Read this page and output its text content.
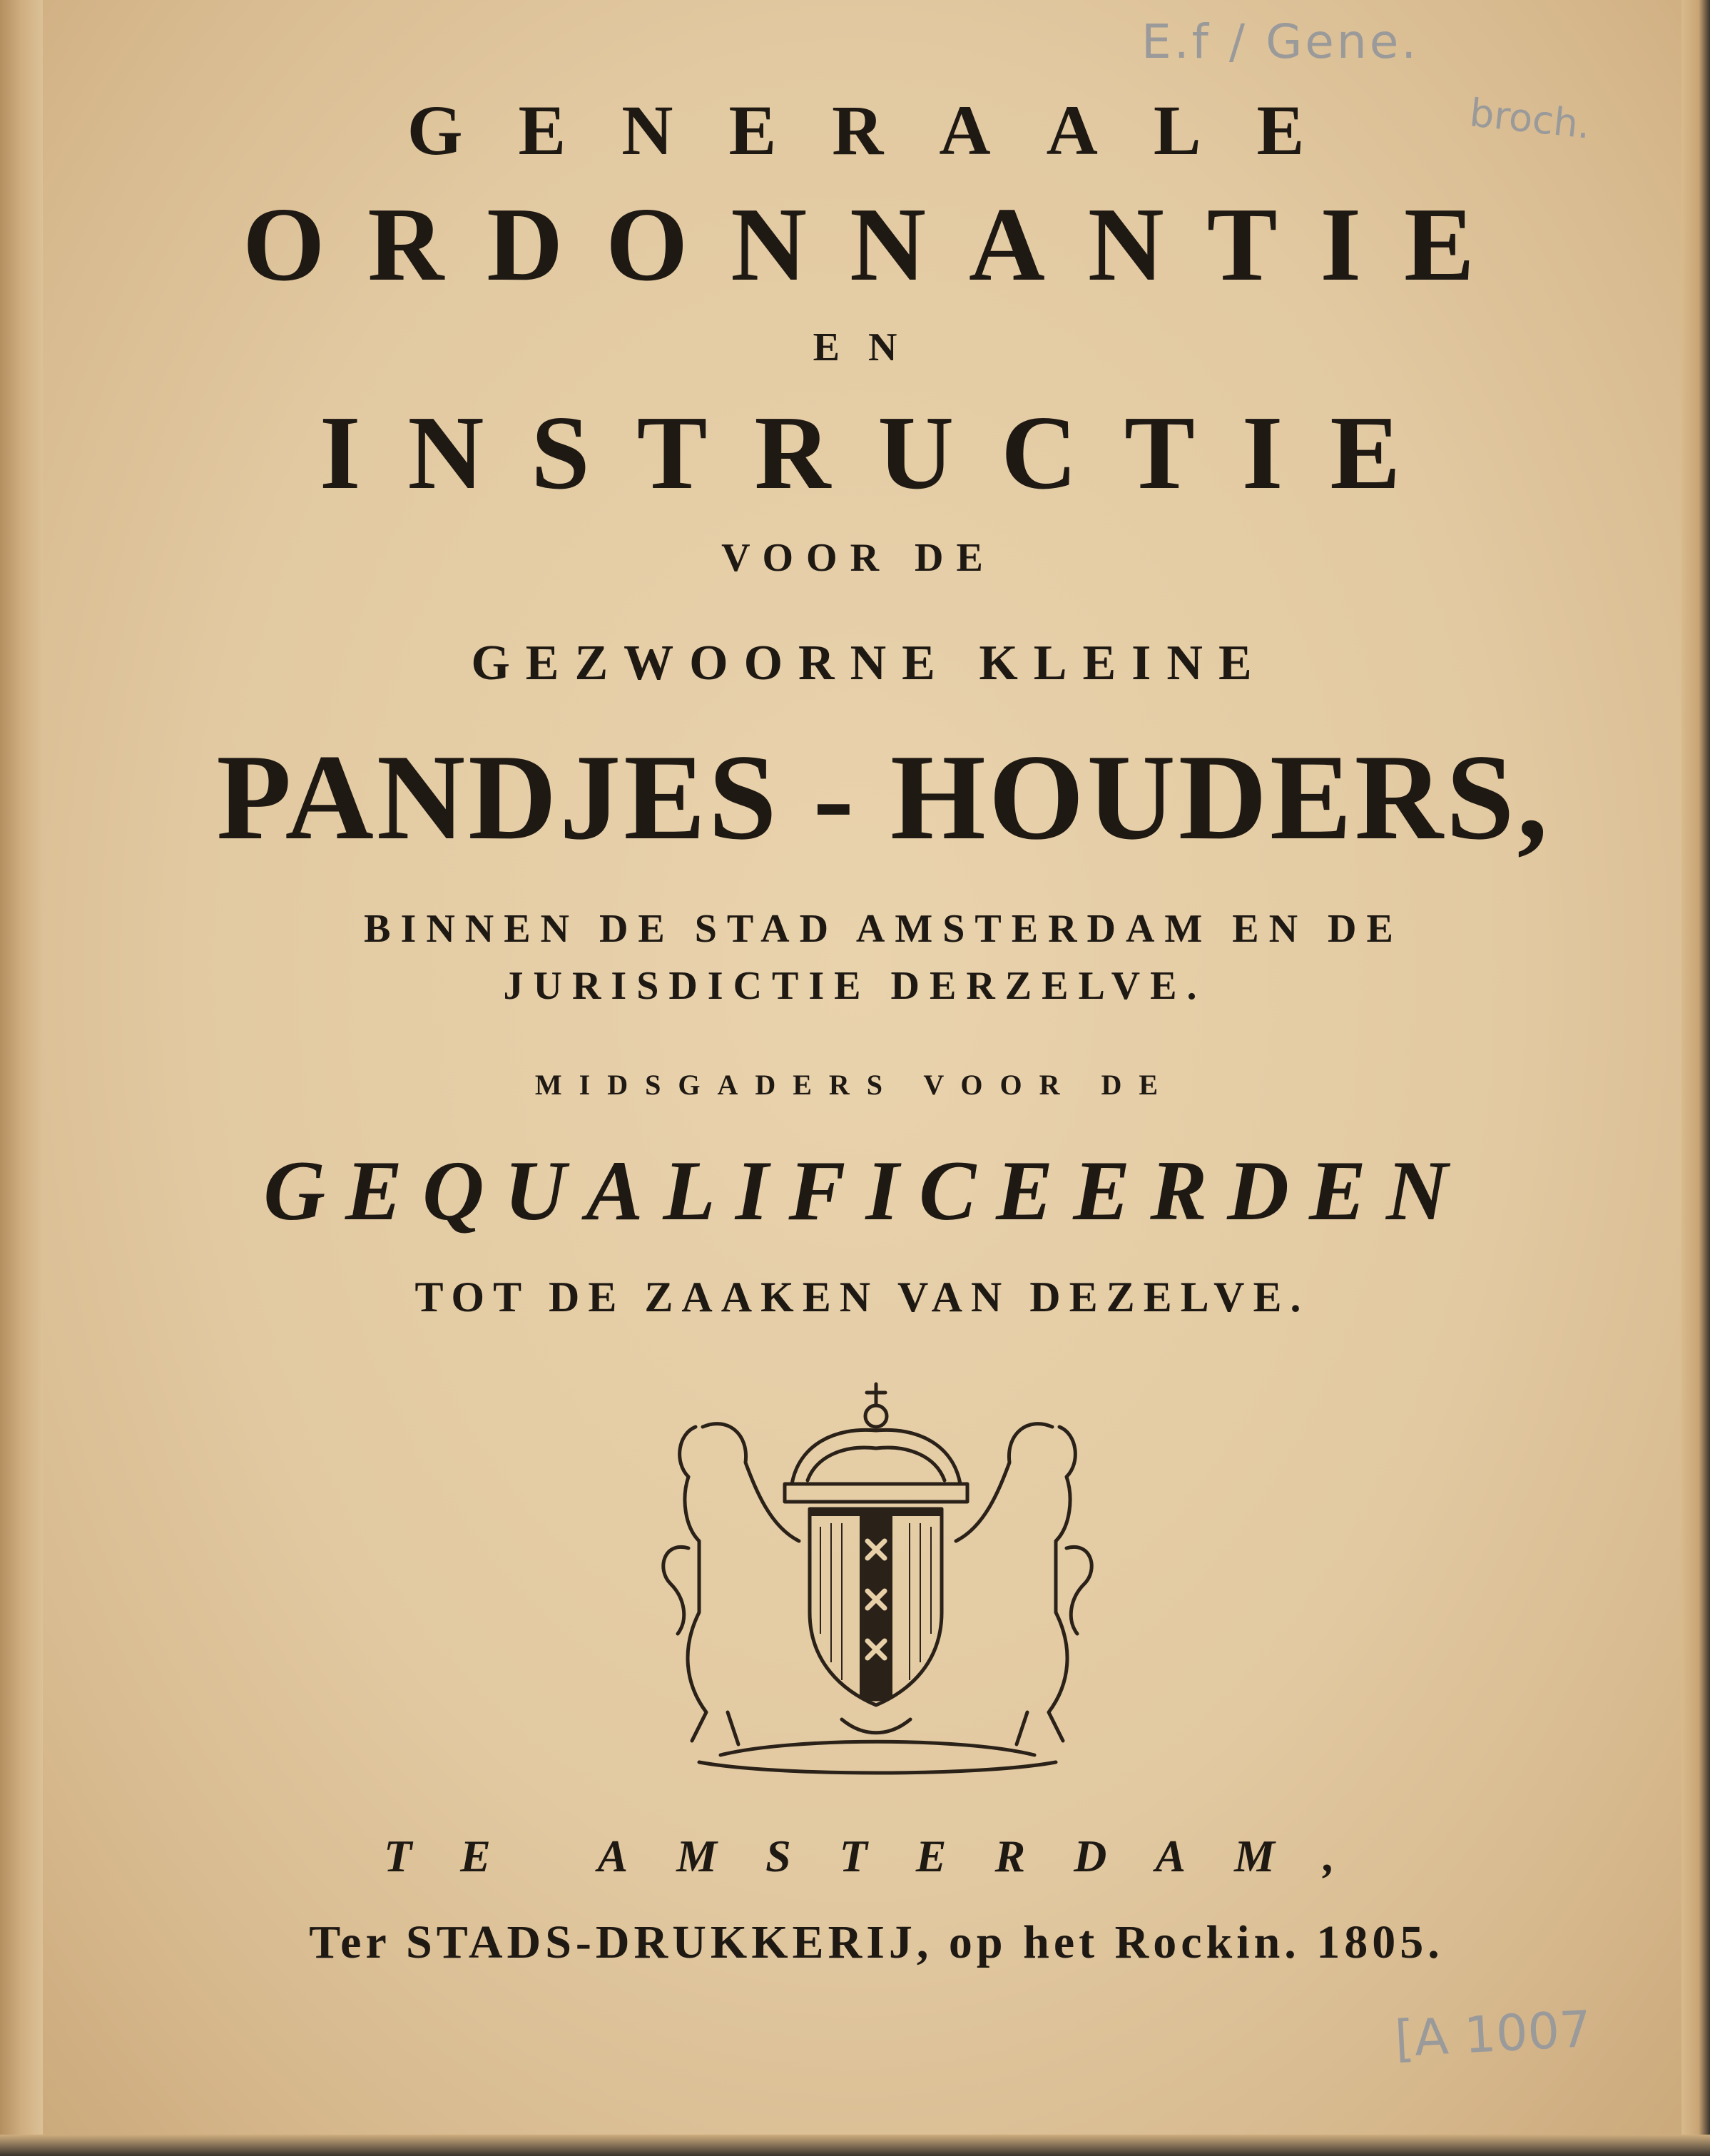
E.f / Gene.
broch.
GENERAALE
ORDONNANTIE
EN
INSTRUCTIE
VOOR DE
GEZWOORNE KLEINE
PANDJES - HOUDERS,
BINNEN DE STAD AMSTERDAM EN DE
JURISDICTIE DERZELVE.
MIDSGADERS VOOR DE
GEQUALIFICEERDEN
TOT DE ZAAKEN VAN DEZELVE.
TE AMSTERDAM,
Ter STADS-DRUKKERIJ, op het Rockin. 1805.
[A 1007
